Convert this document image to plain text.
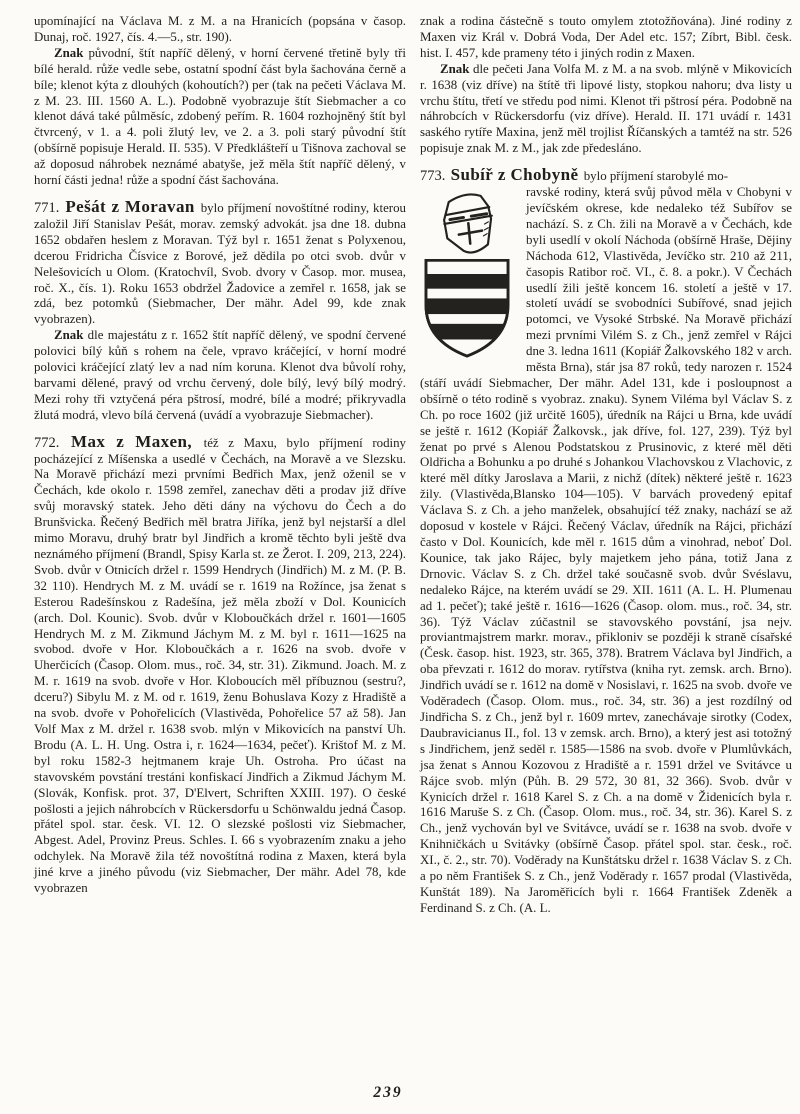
upomínající na Václava M. z M. a na Hranicích (popsána v časop. Dunaj, roč. 1927, čís. 4.—5., str. 190).

Znak původní, štít napříč dělený, v horní červené třetině byly tři bílé herald. růže vedle sebe, ostatní spodní část byla šachována černě a bíle; klenot kýta z dlouhých (kohoutích?) per (tak na pečeti Václava M. z M. 23. III. 1560 A. L.). Podobně vyobrazuje štít Siebmacher a co klenot dává také půlměsíc, zdobený peřím. R. 1604 rozhojněný štít byl čtvrcený, v 1. a 4. poli žlutý lev, ve 2. a 3. poli starý původní štít (obšírně popisuje Herald. II. 535). V Předklášteří u Tišnova zachoval se až doposud náhrobek neznámé abatyše, jež měla štít napříč dělený, v horní části jedna! růže a spodní část šachována.

771. Pešát z Moravan bylo příjmení novoštítné rodiny, kterou založil Jiří Stanislav Pešát, morav. zemský advokát. jsa dne 18. dubna 1652 obdařen heslem z Moravan. Týž byl r. 1651 ženat s Polyxenou, dcerou Fridricha Čísvice z Borové, jež dědila po otci svob. dvůr v Nelešovicích u Olom. (Kratochvíl, Svob. dvory v Časop. mor. musea, roč. X., čís. 1). Roku 1653 obdržel Žadovice a zemřel r. 1658, jak se zdá, bez potomků (Siebmacher, Der mähr. Adel 99, kde znak vyobrazen).

Znak dle majestátu z r. 1652 štít napříč dělený, ve spodní červené polovici bílý kůň s rohem na čele, vpravo kráčející, v horní modré polovici kráčející zlatý lev a nad ním koruna. Klenot dva bůvolí rohy, barvami dělené, pravý od vrchu červený, dole bílý, levý bílý modrý. Mezi rohy tři vztyčená péra pštrosí, modré, bílé a modré; přikryvadla žlutá modrá, vlevo bílá červená (uvádí a vyobrazuje Siebmacher).

772. Max z Maxen, též z Maxu, bylo příjmení rodiny pocházející z Míšenska a usedlé v Čechách, na Moravě a ve Slezsku. Na Moravě přichází mezi prvními Bedřich Max, jenž oženil se v Čechách, kde okolo r. 1598 zemřel, zanechav děti a prodav již dříve svůj moravský statek. Jeho děti dány na výchovu do Čech a do Brunšvicka. Řečený Bedřich měl bratra Jiříka, jenž byl nejstarší a dlel mimo Moravu, druhý bratr byl Jindřich a kromě těchto byli ještě dva neznámého příjmení (Brandl, Spisy Karla st. ze Žerot. I. 209, 213, 224). Svob. dvůr v Otnicích držel r. 1599 Hendrych (Jindřich) M. z M. (P. B. 32 110). Hendrych M. z M. uvádí se r. 1619 na Rožínce, jsa ženat s Esterou Radešínskou z Radešína, jež měla zboží v Dol. Kounicích (arch. Dol. Kounic). Svob. dvůr v Kloboučkách držel r. 1601—1605 Hendrych M. z M. Zikmund Jáchym M. z M. byl r. 1611—1625 na svobod. dvoře v Hor. Kloboučkách a r. 1626 na svob. dvoře v Uherčicích (Časop. Olom. mus., roč. 34, str. 31). Zikmund. Joach. M. z M. r. 1619 na svob. dvoře v Hor. Kloboucích měl příbuznou (sestru?, dceru?) Sibylu M. z M. od r. 1619, ženu Bohuslava Kozy z Hradiště a na svob. dvoře v Pohořelicích (Vlastivěda, Pohořelice 57 až 58). Jan Volf Max z M. držel r. 1638 svob. mlýn v Mikovicích na panství Uh. Brodu (A. L. H. Ung. Ostra i, r. 1624—1634, pečeť). Krištof M. z M. byl roku 1582-3 hejtmanem kraje Uh. Ostroha. Pro účast na stavovském povstání trestáni konfiskací Jindřich a Zikmud Jáchym M. (Slovák, Konfisk. prot. 37, D'Elvert, Schriften XXIII. 197). O české pošlosti a jejich náhrobcích v Rückersdorfu u Schönwaldu jedná Časop. přátel spol. star. česk. VI. 12. O slezské pošlosti viz Siebmacher, Abgest. Adel, Provinz Preus. Schles. I. 66 s vyobrazením znaku a jeho odchylek. Na Moravě žila též novoštítná rodina z Maxen, která byla jiné krve a jiného původu (viz Siebmacher, Der mähr. Adel 78, kde vyobrazen

znak a rodina částečně s touto omylem ztotožňována). Jiné rodiny z Maxen viz Král v. Dobrá Voda, Der Adel etc. 157; Zíbrt, Bibl. česk. hist. I. 457, kde prameny této i jiných rodin z Maxen.

Znak dle pečeti Jana Volfa M. z M. a na svob. mlýně v Mikovicích r. 1638 (viz dříve) na štítě tři lipové listy, stopkou nahoru; dva listy u vrchu štítu, třetí ve středu pod nimi. Klenot tři pštrosí péra. Podobně na náhrobcích v Rückersdorfu (viz dříve). Herald. II. 171 uvádí r. 1431 saského rytíře Maxina, jenž měl trojlist Říčanských a tamtéž na str. 526 popisuje znak M. z M., jak zde předesláno.

773. Subíř z Chobyně bylo příjmení starobylé mo-

ravské rodiny, která svůj původ měla v Chobyni v jevíčském okrese, kde nedaleko též Subířov se nachází. S. z Ch. žili na Moravě a v Čechách, kde byli usedlí v okolí Náchoda (obšírně Hraše, Dějiny Náchoda 612, Vlastivěda, Jevíčko str. 210 až 211, časopis Ratibor roč. VI., č. 8. a pokr.). V Čechách usedlí žili ještě koncem 16. století a ještě v 17. století uvádí se svobodníci Subířové, snad jejich potomci, ve Vysoké Strbské. Na Moravě přichází mezi prvními Vilém S. z Ch., jenž zemřel v Rájci dne 3. ledna 1611 (Kopiář Žalkovského 182 v arch. města Brna), stár jsa 87 roků, tedy narozen r. 1524 (stáří uvádí Siebmacher, Der mähr. Adel 131, kde i posloupnost a obšírně o této rodině s vyobraz. znaku). Synem Viléma byl Václav S. z Ch. po roce 1602 (již určitě 1605), úředník na Rájci u Brna, kde uvádí se ještě r. 1612 (Kopiář Žalkovsk., jak dříve, fol. 127, 239). Týž byl ženat po prvé s Alenou Podstatskou z Prusinovic, z které měl děti Oldřicha a Bohunku a po druhé s Johankou Vlachovskou z Vlachovic, z které měl dítky Jaroslava a Marii, z nichž (dítek) některé ještě r. 1623 žily. (Vlastivěda,Blansko 104—105). V barvách provedený epitaf Václava S. z Ch. a jeho manželek, obsahující též znaky, nachází se až doposud v kostele v Rájci. Řečený Václav, úředník na Rájci, přichází často v Dol. Kounicích, kde měl r. 1615 dům a vinohrad, neboť Dol. Kounice, tak jako Rájec, byly majetkem jeho pána, totiž Jana z Drnovic. Václav S. z Ch. držel také současně svob. dvůr Svéslavu, nedaleko Rájce, na kterém uvádí se 29. XII. 1611 (A. L. H. Plumenau ad 1. pečeť); také ještě r. 1616—1626 (Časop. olom. mus., roč. 34, str. 36). Týž Václav zúčastnil se stavovského povstání, jsa nejv. proviantmajstrem markr. morav., přikloniv se později k straně císařské (Česk. časop. hist. 1923, str. 365, 378). Bratrem Václava byl Jindřich, a oba převzati r. 1612 do morav. rytířstva (kniha ryt. zemsk. arch. Brno). Jindřich uvádí se r. 1612 na domě v Nosislavi, r. 1625 na svob. dvoře ve Voděradech (Časop. Olom. mus., roč. 34, str. 36) a jest rozdílný od Jindřicha S. z Ch., jenž byl r. 1609 mrtev, zanechávaje sirotky (Codex, Daubravicianus II., fol. 13 v zemsk. arch. Brno), a který jest asi totožný s Jindřichem, jenž seděl r. 1585—1586 na svob. dvoře v Plumlůvkách, jsa ženat s Annou Kozovou z Hradiště a r. 1591 držel ve Svitávce u Rájce svob. mlýn (Půh. B. 29 572, 30 81, 32 366). Svob. dvůr v Kynicích držel r. 1618 Karel S. z Ch. a na domě v Židenicích byla r. 1616 Maruše S. z Ch. (Časop. Olom. mus., roč. 34, str. 36). Karel S. z Ch., jenž vychován byl ve Svitávce, uvádí se r. 1638 na svob. dvoře v Knihničkách u Svitávky (obšírně Časop. přátel spol. star. česk., roč. XI., č. 2., str. 70). Voděrady na Kunštátsku držel r. 1638 Václav S. z Ch. a po něm František S. z Ch., jenž Voděrady r. 1657 prodal (Vlastivěda, Kunštát 189). Na Jaroměřicích byli r. 1664 František Zdeněk a Ferdinand S. z Ch. (A. L.

239
